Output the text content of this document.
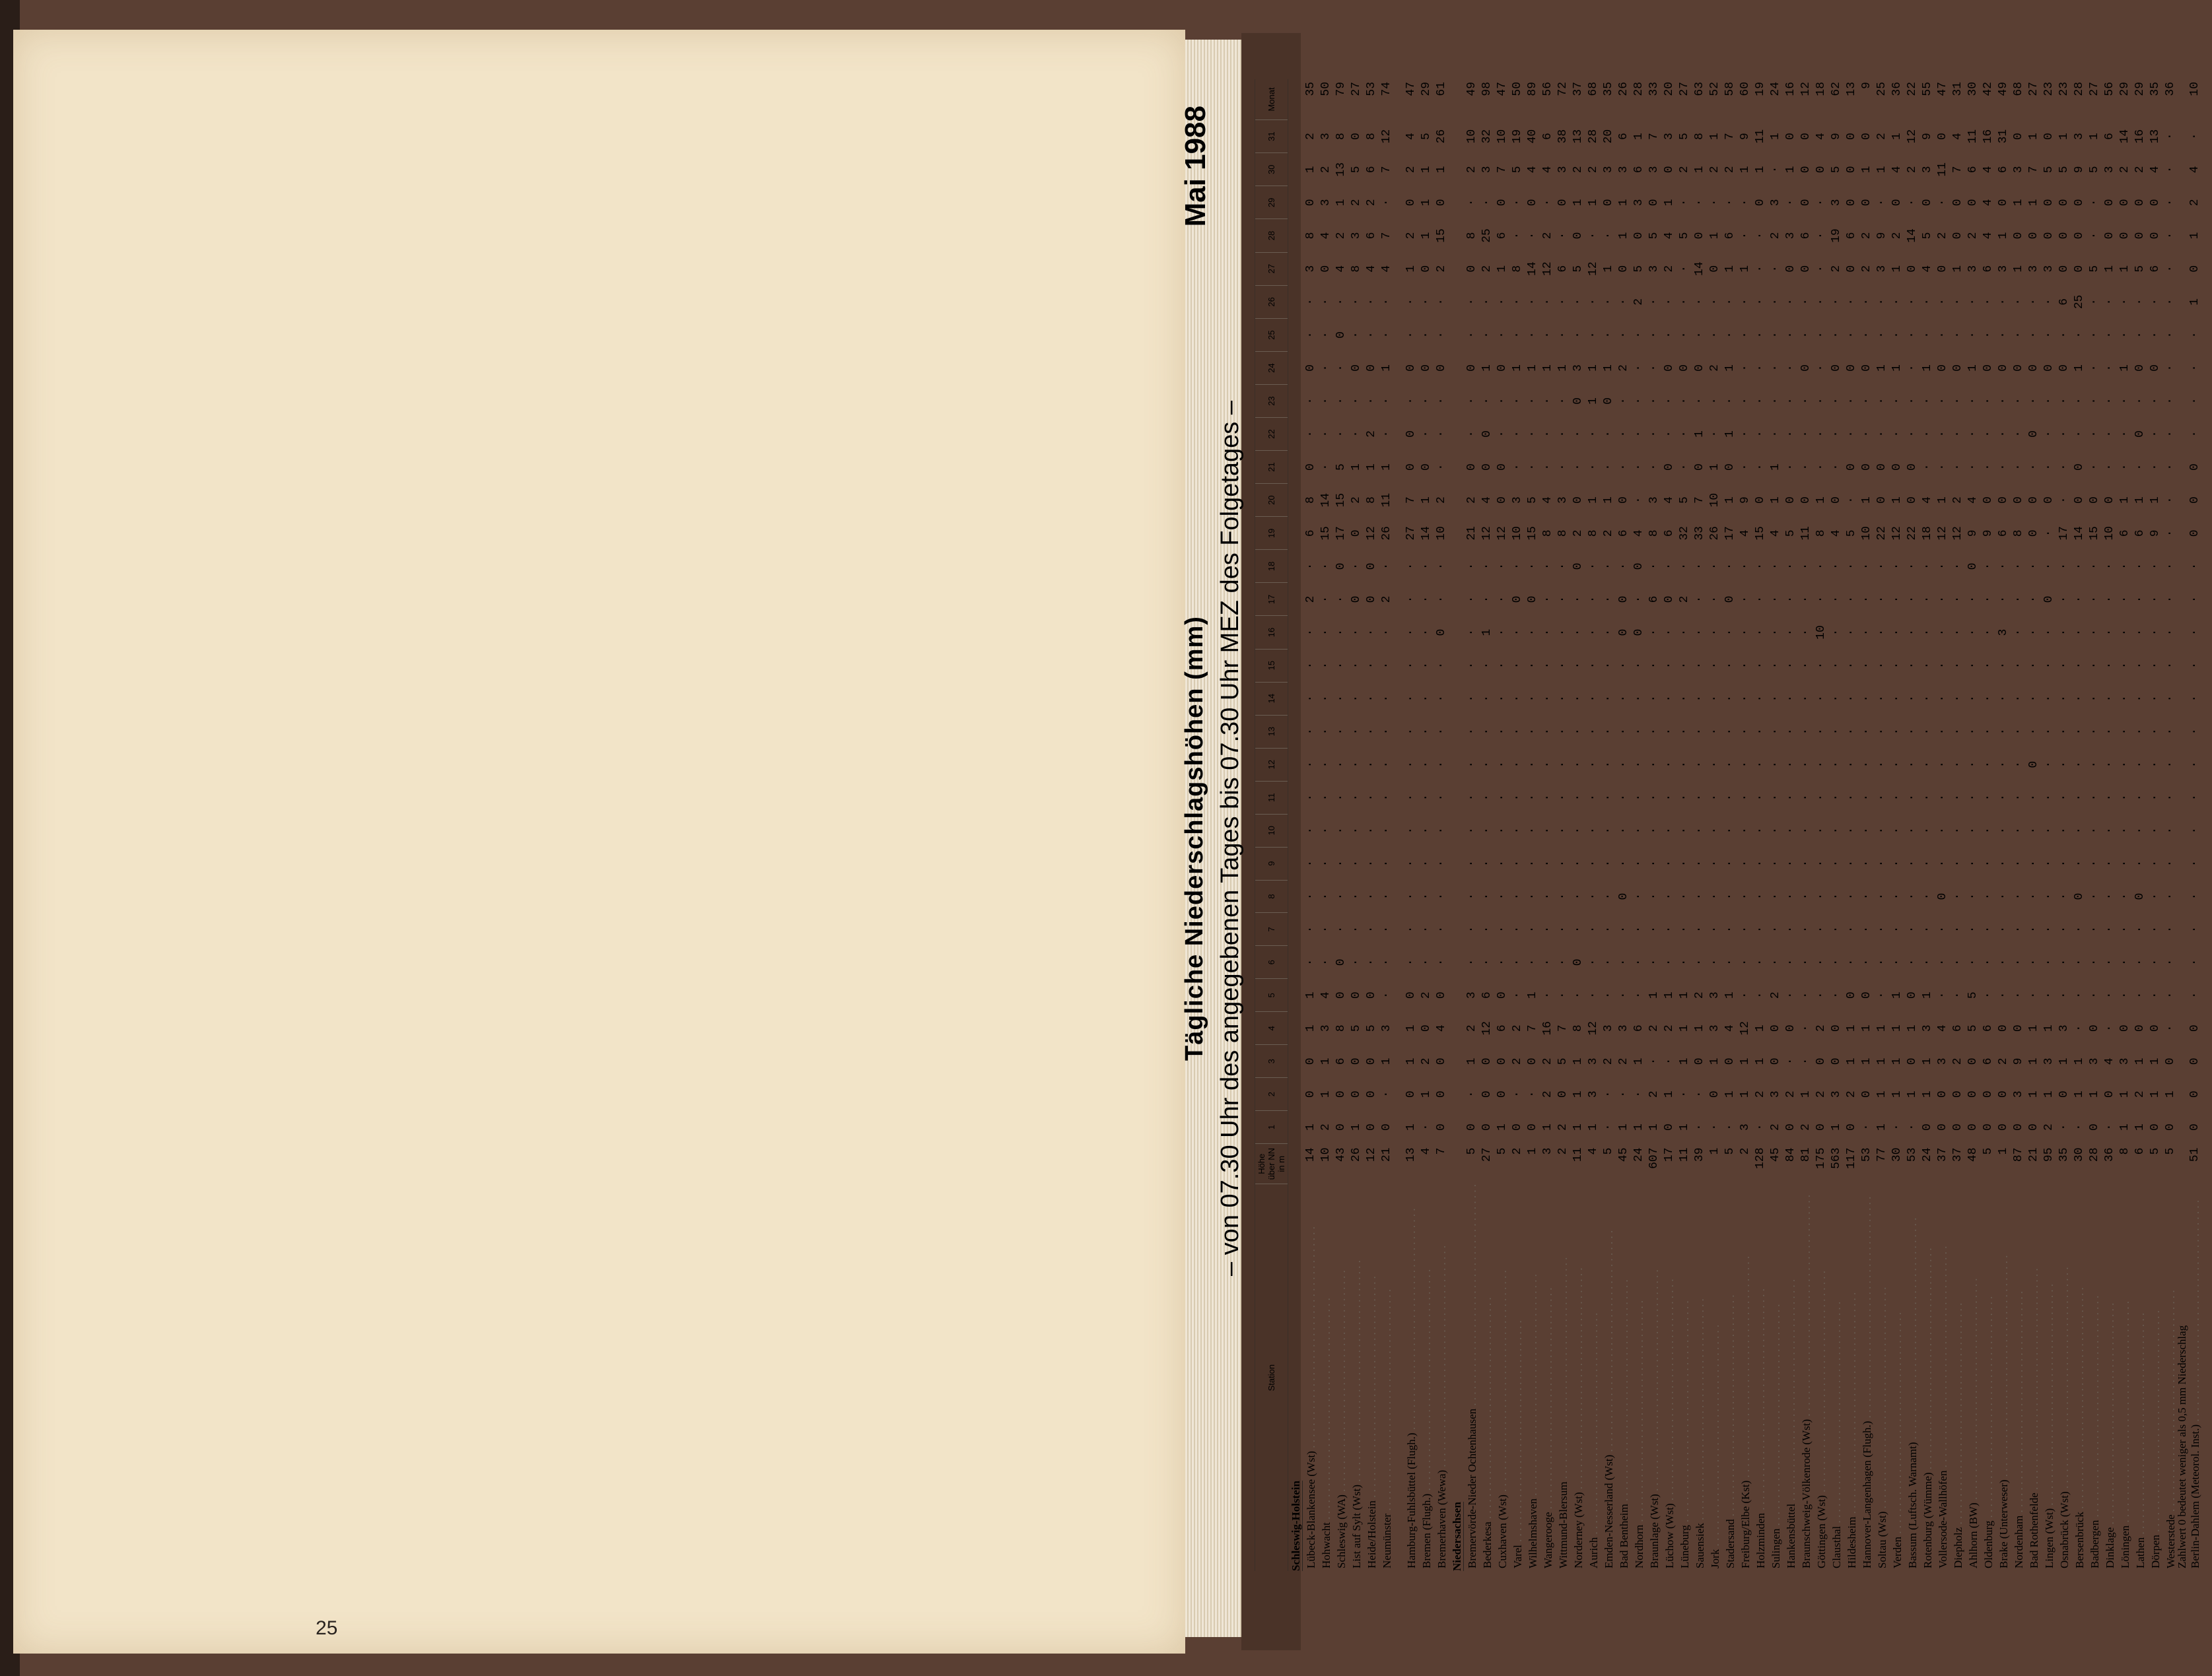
25
Tägliche Niederschlagshöhen (mm) – von 07.30 Uhr des angegebenen Tages bis 07.30 Uhr MEZ des Folgetages –
Mai 1988
Station	Höhe über NN in m	1	2	3	4	5	6	7	8	9	10	11	12	13	14	15	16	17	18	19	20	21	22	23	24	25	26	27	28	29	30	31	Monat
Schleswig-Holstein																																	
Lübeck-Blankensee (Wst) . . . . . . . . . . . . . . . . . . . . . . . . . . . . . . . . . . . . . . . .	14	1	0	0	1	1	·	·	·	·	·	·	·	·	·	·	·	2	·	6	8	0	·	·	0	·	·	3	8	0	1	2	35
Hohwacht . . . . . . . . . . . . . . . . . . . . . . . . . . . . . . . . . . . . . . . .	10	2	1	1	3	4	·	·	·	·	·	·	·	·	·	·	·	·	·	15	14	·	·	·	·	·	·	0	4	3	2	3	50
Schleswig (WA) . . . . . . . . . . . . . . . . . . . . . . . . . . . . . . . . . . . . . . . .	43	0	0	6	8	0	0	·	·	·	·	·	·	·	·	·	·	·	0	17	15	5	·	·	·	0	·	4	2	1	13	8	79
List auf Sylt (Wst) . . . . . . . . . . . . . . . . . . . . . . . . . . . . . . . . . . . . . . . .	26	1	0	0	5	0	·	·	·	·	·	·	·	·	·	·	·	0	·	0	2	1	·	·	0	·	·	8	3	2	5	0	27
Heide/Holstein . . . . . . . . . . . . . . . . . . . . . . . . . . . . . . . . . . . . . . . .	12	0	0	0	5	0	·	·	·	·	·	·	·	·	·	·	·	0	0	12	8	1	2	·	0	·	·	4	6	2	6	8	53
Neumünster . . . . . . . . . . . . . . . . . . . . . . . . . . . . . . . . . . . . . . . .	21	0	·	1	3	·	·	·	·	·	·	·	·	·	·	·	·	2	·	26	11	1	·	·	1	·	·	4	7	·	7	12	74

Hamburg-Fuhlsbüttel (Flugh.) . . . . . . . . . . . . . . . . . . . . . . . . . . . . . . . . . . . . . . . .	13	1	0	1	1	0	·	·	·	·	·	·	·	·	·	·	·	·	·	27	7	0	0	·	0	·	·	1	2	0	2	4	47
Bremen (Flugh.) . . . . . . . . . . . . . . . . . . . . . . . . . . . . . . . . . . . . . . . .	4	·	1	2	0	2	·	·	·	·	·	·	·	·	·	·	·	·	·	14	1	0	·	·	0	·	·	0	1	1	1	5	29
Bremerhaven (Wewa) . . . . . . . . . . . . . . . . . . . . . . . . . . . . . . . . . . . . . . . .	7	0	0	0	4	0	·	·	·	·	·	·	·	·	·	·	0	·	·	10	2	·	·	·	0	·	·	2	15	0	1	26	61
Niedersachsen																																	
Bremervörde-Nieder Ochtenhausen . . . . . . . . . . . . . . . . . . . . . . . . . . . . . . . . . . . . . . . .	5	0	·	1	2	3	·	·	·	·	·	·	·	·	·	·	·	·	·	21	2	0	·	·	0	·	·	0	8	·	2	10	49
Bederkesa . . . . . . . . . . . . . . . . . . . . . . . . . . . . . . . . . . . . . . . .	27	0	0	0	12	6	·	·	·	·	·	·	·	·	·	·	1	·	·	12	4	0	0	·	1	·	·	2	25	·	3	32	98
Cuxhaven (Wst) . . . . . . . . . . . . . . . . . . . . . . . . . . . . . . . . . . . . . . . .	5	1	0	0	6	0	·	·	·	·	·	·	·	·	·	·	·	·	·	12	0	0	·	·	0	·	·	1	6	0	7	10	47
Varel . . . . . . . . . . . . . . . . . . . . . . . . . . . . . . . . . . . . . . . .	2	0	·	2	2	·	·	·	·	·	·	·	·	·	·	·	·	0	·	10	3	·	·	·	1	·	·	8	·	·	5	19	50
Wilhelmshaven . . . . . . . . . . . . . . . . . . . . . . . . . . . . . . . . . . . . . . . .	1	0	·	0	7	1	·	·	·	·	·	·	·	·	·	·	·	0	·	15	5	·	·	·	1	·	·	14	·	0	4	40	89
Wangerooge . . . . . . . . . . . . . . . . . . . . . . . . . . . . . . . . . . . . . . . .	3	1	2	2	16	·	·	·	·	·	·	·	·	·	·	·	·	·	·	8	4	·	·	·	1	·	·	12	2	·	4	6	56
Wittmund-Blersum . . . . . . . . . . . . . . . . . . . . . . . . . . . . . . . . . . . . . . . .	2	2	0	5	7	·	·	·	·	·	·	·	·	·	·	·	·	·	·	8	3	·	·	·	1	·	·	6	·	0	3	38	72
Norderney (Wst) . . . . . . . . . . . . . . . . . . . . . . . . . . . . . . . . . . . . . . . .	11	1	1	1	8	·	0	·	·	·	·	·	·	·	·	·	·	·	0	2	0	·	·	0	3	·	·	5	0	1	2	13	37
Aurich . . . . . . . . . . . . . . . . . . . . . . . . . . . . . . . . . . . . . . . .	4	1	3	3	12	·	·	·	·	·	·	·	·	·	·	·	·	·	·	8	1	·	·	1	1	·	·	12	·	1	2	28	68
Emden-Nesserland (Wst) . . . . . . . . . . . . . . . . . . . . . . . . . . . . . . . . . . . . . . . .	5	·	·	2	3	·	·	·	·	·	·	·	·	·	·	·	·	·	·	2	1	·	·	0	1	·	·	1	·	0	3	20	35
Bad Bentheim . . . . . . . . . . . . . . . . . . . . . . . . . . . . . . . . . . . . . . . .	45	1	·	2	3	·	·	·	0	·	·	·	·	·	·	·	0	0	·	6	0	·	·	·	2	·	·	0	1	1	3	6	26
Nordhorn . . . . . . . . . . . . . . . . . . . . . . . . . . . . . . . . . . . . . . . .	24	1	·	1	6	·	·	·	·	·	·	·	·	·	·	·	0	·	0	4	·	·	·	·	·	·	2	5	0	3	6	1	28
Braunlage (Wst) . . . . . . . . . . . . . . . . . . . . . . . . . . . . . . . . . . . . . . . .	607	1	2	·	2	1	·	·	·	·	·	·	·	·	·	·	·	6	·	8	3	·	·	·	·	·	·	3	5	0	3	7	33
Lüchow (Wst) . . . . . . . . . . . . . . . . . . . . . . . . . . . . . . . . . . . . . . . .	17	0	1	·	2	1	·	·	·	·	·	·	·	·	·	·	·	0	·	6	4	0	·	·	0	·	·	2	4	1	0	3	20
Lüneburg . . . . . . . . . . . . . . . . . . . . . . . . . . . . . . . . . . . . . . . .	11	1	·	1	1	1	·	·	·	·	·	·	·	·	·	·	·	2	·	32	5	·	·	·	0	·	·	·	5	·	2	5	27
Sauensiek . . . . . . . . . . . . . . . . . . . . . . . . . . . . . . . . . . . . . . . .	39	·	·	0	1	2	·	·	·	·	·	·	·	·	·	·	·	·	·	33	7	0	1	·	0	·	·	14	0	·	1	8	63
Jork . . . . . . . . . . . . . . . . . . . . . . . . . . . . . . . . . . . . . . . .	1	·	0	1	3	3	·	·	·	·	·	·	·	·	·	·	·	·	·	26	10	1	·	·	2	·	·	0	1	·	2	1	52
Stadersand . . . . . . . . . . . . . . . . . . . . . . . . . . . . . . . . . . . . . . . .	5	·	1	0	4	1	·	·	·	·	·	·	·	·	·	·	·	0	·	17	1	0	1	·	1	·	·	1	6	·	2	7	58
Freiburg/Elbe (Kst) . . . . . . . . . . . . . . . . . . . . . . . . . . . . . . . . . . . . . . . .	2	3	1	1	12	·	·	·	·	·	·	·	·	·	·	·	·	·	·	4	9	·	·	·	·	·	·	1	·	·	1	9	60
Holzminden . . . . . . . . . . . . . . . . . . . . . . . . . . . . . . . . . . . . . . . .	128	·	2	1	1	·	·	·	·	·	·	·	·	·	·	·	·	·	·	15	0	·	·	·	·	·	·	·	·	0	1	11	19
Sulingen . . . . . . . . . . . . . . . . . . . . . . . . . . . . . . . . . . . . . . . .	45	2	3	0	0	2	·	·	·	·	·	·	·	·	·	·	·	·	·	4	1	1	·	·	·	·	·	·	2	3	·	1	24
Hankensbüttel . . . . . . . . . . . . . . . . . . . . . . . . . . . . . . . . . . . . . . . .	84	0	2	·	0	·	·	·	·	·	·	·	·	·	·	·	·	·	·	5	0	·	·	·	·	·	·	0	3	·	1	0	16
Braunschweig-Völkenrode (Wst) . . . . . . . . . . . . . . . . . . . . . . . . . . . . . . . . . . . . . . . .	81	2	1	·	·	·	·	·	·	·	·	·	·	·	·	·	·	·	·	11	0	·	·	·	0	·	·	0	6	0	0	0	12
Göttingen (Wst) . . . . . . . . . . . . . . . . . . . . . . . . . . . . . . . . . . . . . . . .	175	0	2	0	2	·	·	·	·	·	·	·	·	·	·	·	10	·	·	8	1	·	·	·	·	·	·	·	·	·	0	4	18
Clausthal . . . . . . . . . . . . . . . . . . . . . . . . . . . . . . . . . . . . . . . .	563	1	3	0	0	·	·	·	·	·	·	·	·	·	·	·	·	·	·	4	0	·	·	·	0	·	·	2	19	3	5	9	62
Hildesheim . . . . . . . . . . . . . . . . . . . . . . . . . . . . . . . . . . . . . . . .	117	0	2	1	1	0	·	·	·	·	·	·	·	·	·	·	·	·	·	5	·	0	·	·	0	·	·	0	6	0	0	0	13
Hannover-Langenhagen (Flugh.) . . . . . . . . . . . . . . . . . . . . . . . . . . . . . . . . . . . . . . . .	53	·	0	1	1	0	·	·	·	·	·	·	·	·	·	·	·	·	·	10	1	0	·	·	0	·	·	2	2	0	1	0	9
Soltau (Wst) . . . . . . . . . . . . . . . . . . . . . . . . . . . . . . . . . . . . . . . .	77	1	1	1	1	·	·	·	·	·	·	·	·	·	·	·	·	·	·	22	0	0	·	·	1	·	·	3	9	·	1	2	25
Verden . . . . . . . . . . . . . . . . . . . . . . . . . . . . . . . . . . . . . . . .	30	·	1	1	1	1	·	·	·	·	·	·	·	·	·	·	·	·	·	12	1	0	·	·	1	·	·	1	2	0	4	1	36
Bassum (Luftsch. Warnamt) . . . . . . . . . . . . . . . . . . . . . . . . . . . . . . . . . . . . . . . .	53	·	1	0	1	0	·	·	·	·	·	·	·	·	·	·	·	·	·	22	0	0	·	·	·	·	·	0	14	·	2	12	22
Rotenburg (Wümme) . . . . . . . . . . . . . . . . . . . . . . . . . . . . . . . . . . . . . . . .	24	0	1	1	3	1	·	·	·	·	·	·	·	·	·	·	·	·	·	18	4	·	·	·	1	·	·	4	5	0	3	9	55
Vollersode-Wallhöfen . . . . . . . . . . . . . . . . . . . . . . . . . . . . . . . . . . . . . . . .	37	0	0	3	4	·	·	·	0	·	·	·	·	·	·	·	·	·	·	12	1	·	·	·	0	·	·	0	2	·	11	0	47
Diepholz . . . . . . . . . . . . . . . . . . . . . . . . . . . . . . . . . . . . . . . .	37	0	0	2	6	·	·	·	·	·	·	·	·	·	·	·	·	·	·	12	2	·	·	·	0	·	·	1	0	0	7	4	31
Ahlhorn (BW) . . . . . . . . . . . . . . . . . . . . . . . . . . . . . . . . . . . . . . . .	48	0	0	0	5	5	·	·	·	·	·	·	·	·	·	·	·	·	0	9	4	·	·	·	1	·	·	3	2	0	6	11	30
Oldenburg . . . . . . . . . . . . . . . . . . . . . . . . . . . . . . . . . . . . . . . .	5	0	0	6	6	·	·	·	·	·	·	·	·	·	·	·	·	·	·	9	0	·	·	·	0	·	·	6	4	4	4	16	42
Brake (Unterweser) . . . . . . . . . . . . . . . . . . . . . . . . . . . . . . . . . . . . . . . .	1	0	0	2	0	·	·	·	·	·	·	·	·	·	·	·	3	·	·	6	0	·	·	·	0	·	·	3	1	0	6	31	49
Nordenham . . . . . . . . . . . . . . . . . . . . . . . . . . . . . . . . . . . . . . . .	87	0	3	9	0	·	·	·	·	·	·	·	·	·	·	·	·	·	·	8	0	·	·	·	0	·	·	1	0	1	3	0	68
Bad Rothenfelde . . . . . . . . . . . . . . . . . . . . . . . . . . . . . . . . . . . . . . . .	21	0	1	1	1	·	·	·	·	·	·	·	0	·	·	·	·	·	·	0	0	·	0	·	0	·	·	3	0	1	7	1	27
Lingen (Wst) . . . . . . . . . . . . . . . . . . . . . . . . . . . . . . . . . . . . . . . .	95	2	1	3	1	·	·	·	·	·	·	·	·	·	·	·	·	0	·	·	0	·	·	·	0	·	·	3	0	0	5	0	23
Osnabrück (Wst) . . . . . . . . . . . . . . . . . . . . . . . . . . . . . . . . . . . . . . . .	35	·	0	1	3	·	·	·	·	·	·	·	·	·	·	·	·	·	·	17	·	·	·	·	0	·	6	0	0	0	5	1	23
Bersenbrück . . . . . . . . . . . . . . . . . . . . . . . . . . . . . . . . . . . . . . . .	30	·	1	1	·	·	·	·	0	·	·	·	·	·	·	·	·	·	·	14	0	0	·	·	1	·	25	0	0	0	9	3	28
Badbergen . . . . . . . . . . . . . . . . . . . . . . . . . . . . . . . . . . . . . . . .	28	0	1	3	0	·	·	·	·	·	·	·	·	·	·	·	·	·	·	15	0	·	·	·	·	·	·	5	·	·	5	1	27
Dinklage . . . . . . . . . . . . . . . . . . . . . . . . . . . . . . . . . . . . . . . .	36	·	0	4	·	·	·	·	·	·	·	·	·	·	·	·	·	·	·	10	0	·	·	·	·	·	·	1	0	0	3	6	56
Löningen . . . . . . . . . . . . . . . . . . . . . . . . . . . . . . . . . . . . . . . .	8	1	1	3	0	·	·	·	·	·	·	·	·	·	·	·	·	·	·	6	1	·	·	·	1	·	·	1	0	0	2	14	29
Lathen . . . . . . . . . . . . . . . . . . . . . . . . . . . . . . . . . . . . . . . .	6	1	2	1	0	·	·	·	0	·	·	·	·	·	·	·	·	·	·	6	1	·	0	·	0	·	·	5	0	0	2	16	29
Dörpen . . . . . . . . . . . . . . . . . . . . . . . . . . . . . . . . . . . . . . . .	5	0	1	1	0	·	·	·	·	·	·	·	·	·	·	·	·	·	·	9	1	·	·	·	0	·	·	6	0	0	4	13	35
Westerstede . . . . . . . . . . . . . . . . . . . . . . . . . . . . . . . . . . . . . . . .	5	0	1	0	·	·	·	·	·	·	·	·	·	·	·	·	·	·	·	·	·	·	·	·	·	·	·	·	·	·	·	·	36

Berlin-Dahlem (Meteorol. Inst.) . . . . . . . . . . . . . . . . . . . . . . . . . . . . . . . . . . . . . . . .	51	0	0	0	0	·	·	·	·	·	·	·	·	·	·	·	·	·	·	0	0	0	·	·	·	·	1	0	1	2	4	·	10
Zahlwert 0 bedeutet weniger als 0,5 mm Niederschlag
